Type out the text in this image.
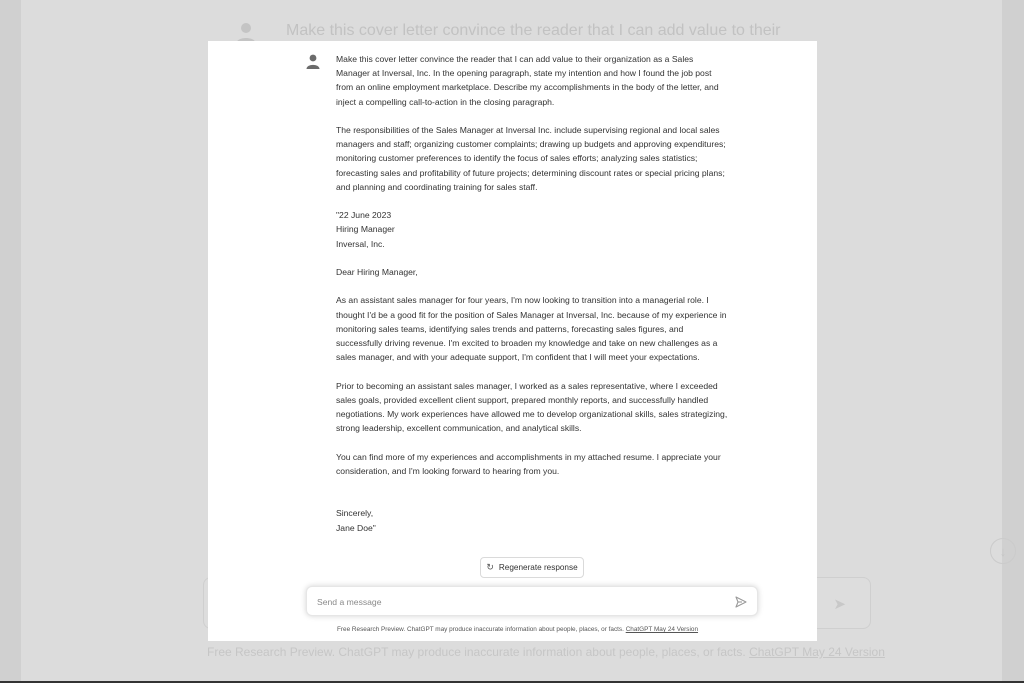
Make this cover letter convince the reader that I can add value to their
➤
Free Research Preview. ChatGPT may produce inaccurate information about people, places, or facts. ChatGPT May 24 Version
↓

Make this cover letter convince the reader that I can add value to their organization as a Sales Manager at Inversal, Inc. In the opening paragraph, state my intention and how I found the job post from an online employment marketplace. Describe my accomplishments in the body of the letter, and inject a compelling call-to-action in the closing paragraph.

The responsibilities of the Sales Manager at Inversal Inc. include supervising regional and local sales managers and staff; organizing customer complaints; drawing up budgets and approving expenditures; monitoring customer preferences to identify the focus of sales efforts; analyzing sales statistics; forecasting sales and profitability of future projects; determining discount rates or special pricing plans; and planning and coordinating training for sales staff.

"22 June 2023
Hiring Manager
Inversal, Inc.

Dear Hiring Manager,

As an assistant sales manager for four years, I'm now looking to transition into a managerial role. I thought I'd be a good fit for the position of Sales Manager at Inversal, Inc. because of my experience in monitoring sales teams, identifying sales trends and patterns, forecasting sales figures, and successfully driving revenue. I'm excited to broaden my knowledge and take on new challenges as a sales manager, and with your adequate support, I'm confident that I will meet your expectations.

Prior to becoming an assistant sales manager, I worked as a sales representative, where I exceeded sales goals, provided excellent client support, prepared monthly reports, and successfully handled negotiations. My work experiences have allowed me to develop organizational skills, sales strategizing, strong leadership, excellent communication, and analytical skills.

You can find more of my experiences and accomplishments in my attached resume. I appreciate your consideration, and I'm looking forward to hearing from you.

Sincerely,
Jane Doe"

↻ Regenerate response
Send a message
Free Research Preview. ChatGPT may produce inaccurate information about people, places, or facts. ChatGPT May 24 Version
